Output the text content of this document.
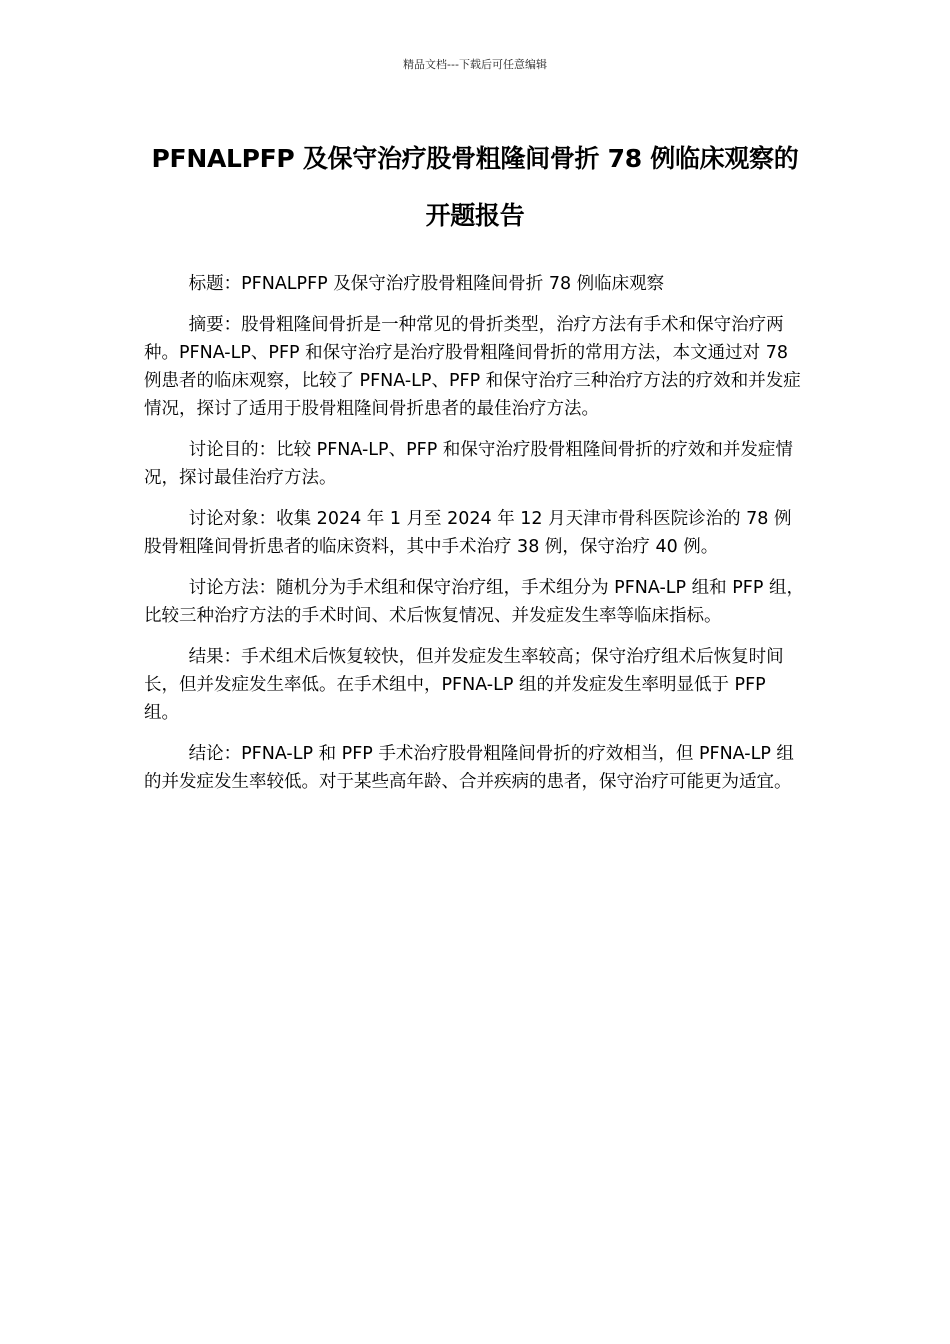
精品文档---下载后可任意编辑
PFNALPFP 及保守治疗股骨粗隆间骨折 78 例临床观察的开题报告

标题：PFNALPFP 及保守治疗股骨粗隆间骨折 78 例临床观察

摘要：股骨粗隆间骨折是一种常见的骨折类型，治疗方法有手术和保守治疗两种。PFNA-LP、PFP 和保守治疗是治疗股骨粗隆间骨折的常用方法，本文通过对 78 例患者的临床观察，比较了 PFNA-LP、PFP 和保守治疗三种治疗方法的疗效和并发症情况，探讨了适用于股骨粗隆间骨折患者的最佳治疗方法。

讨论目的：比较 PFNA-LP、PFP 和保守治疗股骨粗隆间骨折的疗效和并发症情况，探讨最佳治疗方法。

讨论对象：收集 2024 年 1 月至 2024 年 12 月天津市骨科医院诊治的 78 例股骨粗隆间骨折患者的临床资料，其中手术治疗 38 例，保守治疗 40 例。

讨论方法：随机分为手术组和保守治疗组，手术组分为 PFNA-LP 组和 PFP 组，比较三种治疗方法的手术时间、术后恢复情况、并发症发生率等临床指标。

结果：手术组术后恢复较快，但并发症发生率较高；保守治疗组术后恢复时间长，但并发症发生率低。在手术组中，PFNA-LP 组的并发症发生率明显低于 PFP 组。

结论：PFNA-LP 和 PFP 手术治疗股骨粗隆间骨折的疗效相当，但 PFNA-LP 组的并发症发生率较低。对于某些高年龄、合并疾病的患者，保守治疗可能更为适宜。
